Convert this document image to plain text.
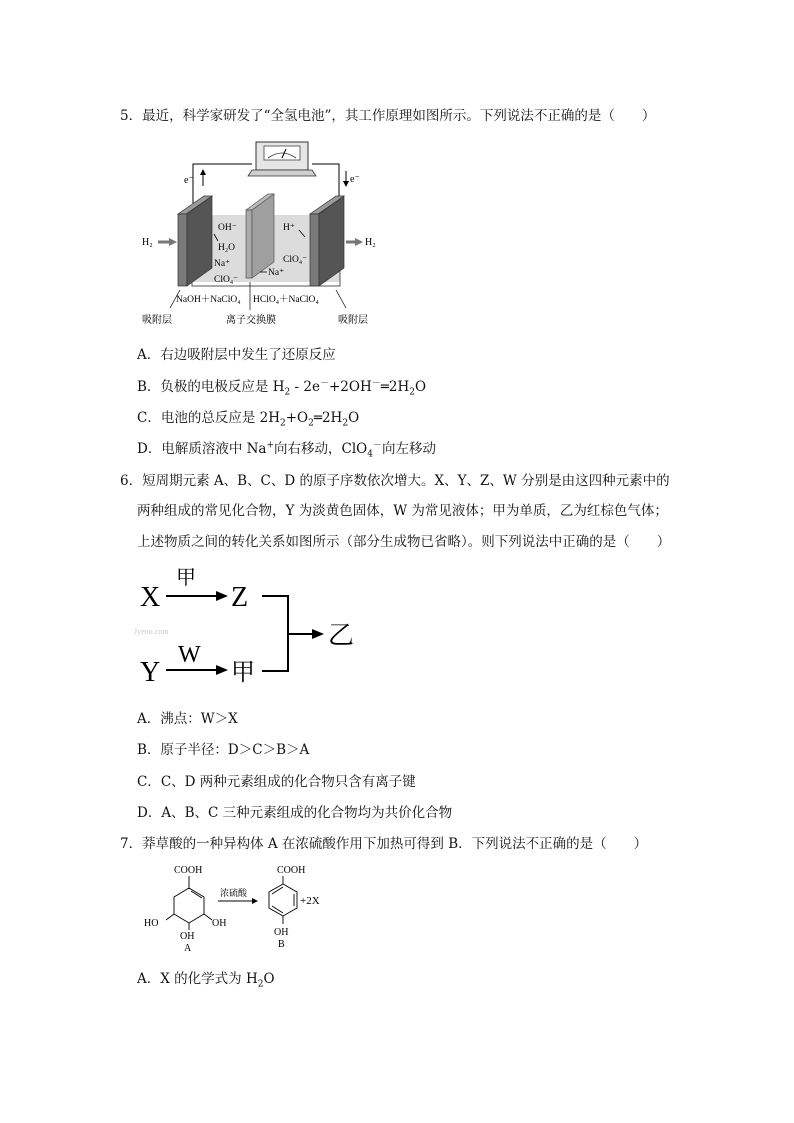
5．最近，科学家研发了“全氢电池”，其工作原理如图所示。下列说法不正确的是（　　）
e⁻	e⁻
H₂	H₂
OH⁻
H₂O
Na⁺
ClO₄⁻
H⁺
ClO₄⁻
Na⁺
NaOH＋NaClO₄ HClO₄＋NaClO₄
吸附层	离子交换膜	吸附层
A．右边吸附层中发生了还原反应
B．负极的电极反应是 $H_2$ - $2e^-+2OH^-═2H_2O$
C．电池的总反应是 $2H_2+O_2═2H_2O$
D．电解质溶液中 Na+向右移动，ClO$_4$－向左移动
6．短周期元素 A、B、C、D 的原子序数依次增大。X、Y、Z、W 分别是由这四种元素中的
两种组成的常见化合物，Y 为淡黄色固体，W 为常见液体；甲为单质，乙为红棕色气体；
上述物质之间的转化关系如图所示（部分生成物已省略）。则下列说法中正确的是（　　）
X
甲
Z
Jyeoo.com
Y
W
甲
乙
A．沸点：W＞X
B．原子半径：D＞C＞B＞A
C．C、D 两种元素组成的化合物只含有离子键
D．A、B、C 三种元素组成的化合物均为共价化合物
7．莽草酸的一种异构体 A 在浓硫酸作用下加热可得到 B．下列说法不正确的是（　　）
COOH
HO	OH
OH
A
浓硫酸
COOH
OH
B
+2X
A．X 的化学式为 $H_2O$
